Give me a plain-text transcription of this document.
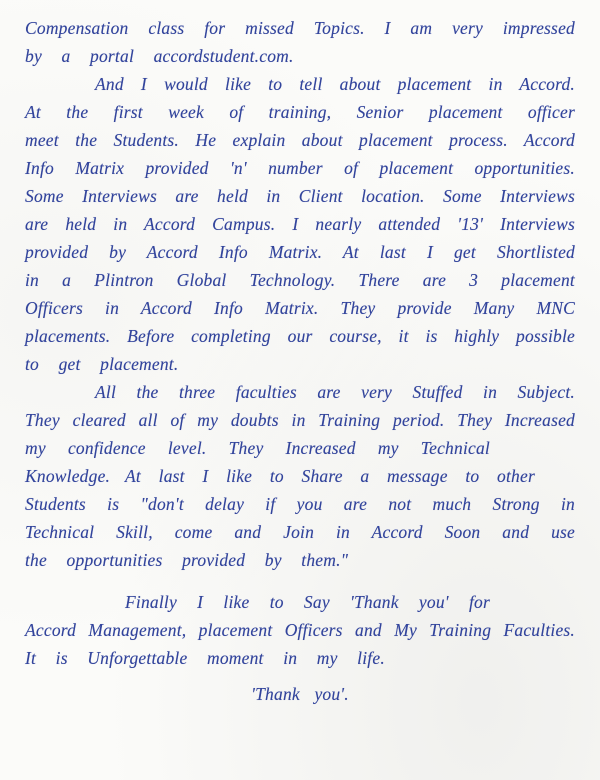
Compensation class for missed Topics. I am very impressed
by a portal accordstudent.com.
And I would like to tell about placement in Accord.
At the first week of training, Senior placement officer
meet the Students. He explain about placement process. Accord
Info Matrix provided 'n' number of placement opportunities.
Some Interviews are held in Client location. Some Interviews
are held in Accord Campus. I nearly attended '13' Interviews
provided by Accord Info Matrix. At last I get Shortlisted
in a Plintron Global Technology. There are 3 placement
Officers in Accord Info Matrix. They provide Many MNC
placements. Before completing our course, it is highly possible
to get placement.
All the three faculties are very Stuffed in Subject.
They cleared all of my doubts in Training period. They Increased
my confidence level. They Increased my Technical Knowledge. At last I like to Share a message to other
Students is "don't delay if you are not much Strong in
Technical Skill, come and Join in Accord Soon and use
the opportunities provided by them."
Finally I like to Say 'Thank you' for
Accord Management, placement Officers and My Training Faculties.
It is Unforgettable moment in my life.
'Thank you'.
